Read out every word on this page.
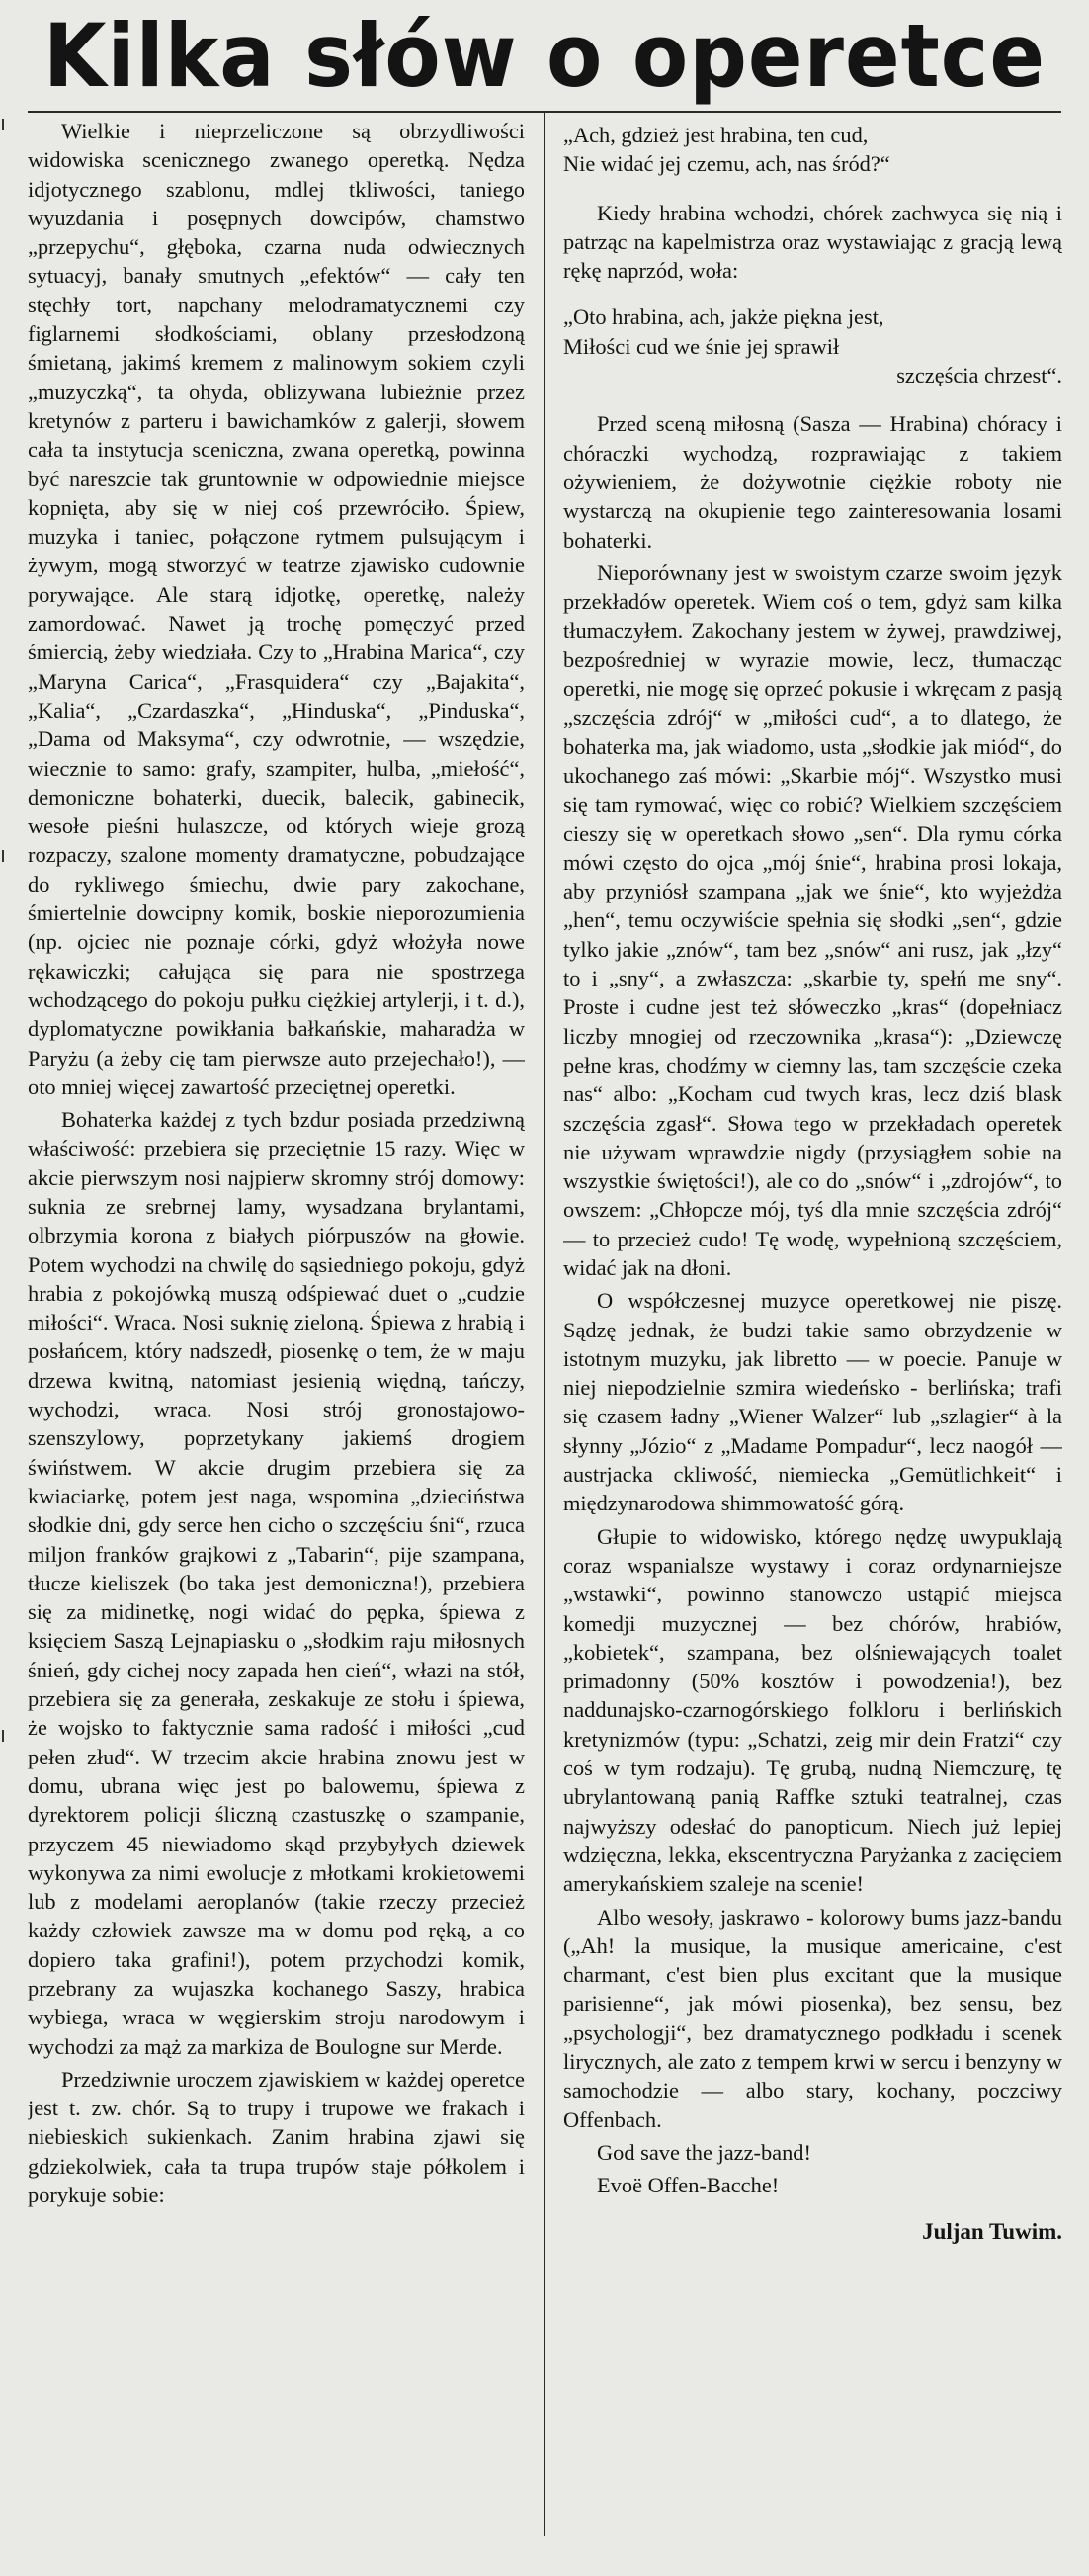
Kilka słów o operetce

Wielkie i nieprzeliczone są obrzydliwości widowiska scenicznego zwanego operetką. Nędza idjotycznego szablonu, mdlej tkliwości, taniego wyuzdania i posępnych dowcipów, chamstwo „przepychu“, głęboka, czarna nuda odwiecznych sytuacyj, banały smutnych „efektów“ — cały ten stęchły tort, napchany melodramatycznemi czy figlarnemi słodkościami, oblany przesłodzoną śmietaną, jakimś kremem z malinowym sokiem czyli „muzyczką“, ta ohyda, oblizywana lubieżnie przez kretynów z parteru i bawichamków z galerji, słowem cała ta instytucja sceniczna, zwana operetką, powinna być nareszcie tak gruntownie w odpowiednie miejsce kopnięta, aby się w niej coś przewróciło. Śpiew, muzyka i taniec, połączone rytmem pulsującym i żywym, mogą stworzyć w teatrze zjawisko cudownie porywające. Ale starą idjotkę, operetkę, należy zamordować. Nawet ją trochę pomęczyć przed śmiercią, żeby wiedziała. Czy to „Hrabina Marica“, czy „Maryna Carica“, „Frasquidera“ czy „Bajakita“, „Kalia“, „Czardaszka“, „Hinduska“, „Pinduska“, „Dama od Maksyma“, czy odwrotnie, — wszędzie, wiecznie to samo: grafy, szampiter, hulba, „miełość“, demoniczne bohaterki, duecik, balecik, gabinecik, wesołe pieśni hulaszcze, od których wieje grozą rozpaczy, szalone momenty dramatyczne, pobudzające do rykliwego śmiechu, dwie pary zakochane, śmiertelnie dowcipny komik, boskie nieporozumienia (np. ojciec nie poznaje córki, gdyż włożyła nowe rękawiczki; całująca się para nie spostrzega wchodzącego do pokoju pułku ciężkiej artylerji, i t. d.), dyplomatyczne powikłania bałkańskie, maharadża w Paryżu (a żeby cię tam pierwsze auto przejechało!), — oto mniej więcej zawartość przeciętnej operetki.

Bohaterka każdej z tych bzdur posiada przedziwną właściwość: przebiera się przeciętnie 15 razy. Więc w akcie pierwszym nosi najpierw skromny strój domowy: suknia ze srebrnej lamy, wysadzana brylantami, olbrzymia korona z białych piórpuszów na głowie. Potem wychodzi na chwilę do sąsiedniego pokoju, gdyż hrabia z pokojówką muszą odśpiewać duet o „cudzie miłości“. Wraca. Nosi suknię zieloną. Śpiewa z hrabią i posłańcem, który nadszedł, piosenkę o tem, że w maju drzewa kwitną, natomiast jesienią więdną, tańczy, wychodzi, wraca. Nosi strój gronostajowo-szenszylowy, poprzetykany jakiemś drogiem świństwem. W akcie drugim przebiera się za kwiaciarkę, potem jest naga, wspomina „dzieciństwa słodkie dni, gdy serce hen cicho o szczęściu śni“, rzuca miljon franków grajkowi z „Tabarin“, pije szampana, tłucze kieliszek (bo taka jest demoniczna!), przebiera się za midinetkę, nogi widać do pępka, śpiewa z księciem Saszą Lejnapiasku o „słodkim raju miłosnych śnień, gdy cichej nocy zapada hen cień“, włazi na stół, przebiera się za generała, zeskakuje ze stołu i śpiewa, że wojsko to faktycznie sama radość i miłości „cud pełen złud“. W trzecim akcie hrabina znowu jest w domu, ubrana więc jest po balowemu, śpiewa z dyrektorem policji śliczną czastuszkę o szampanie, przyczem 45 niewiadomo skąd przybyłych dziewek wykonywa za nimi ewolucje z młotkami krokietowemi lub z modelami aeroplanów (takie rzeczy przecież każdy człowiek zawsze ma w domu pod ręką, a co dopiero taka grafini!), potem przychodzi komik, przebrany za wujaszka kochanego Saszy, hrabica wybiega, wraca w węgierskim stroju narodowym i wychodzi za mąż za markiza de Boulogne sur Merde.

Przedziwnie uroczem zjawiskiem w każdej operetce jest t. zw. chór. Są to trupy i trupowe we frakach i niebieskich sukienkach. Zanim hrabina zjawi się gdziekolwiek, cała ta trupa trupów staje półkolem i porykuje sobie:

„Ach, gdzież jest hrabina, ten cud,
Nie widać jej czemu, ach, nas śród?“

Kiedy hrabina wchodzi, chórek zachwyca się nią i patrząc na kapelmistrza oraz wystawiając z gracją lewą rękę naprzód, woła:

„Oto hrabina, ach, jakże piękna jest,
Miłości cud we śnie jej sprawił
szczęścia chrzest“.

Przed sceną miłosną (Sasza — Hrabina) chóracy i chóraczki wychodzą, rozprawiając z takiem ożywieniem, że dożywotnie ciężkie roboty nie wystarczą na okupienie tego zainteresowania losami bohaterki.

Nieporównany jest w swoistym czarze swoim język przekładów operetek. Wiem coś o tem, gdyż sam kilka tłumaczyłem. Zakochany jestem w żywej, prawdziwej, bezpośredniej w wyrazie mowie, lecz, tłumacząc operetki, nie mogę się oprzeć pokusie i wkręcam z pasją „szczęścia zdrój“ w „miłości cud“, a to dlatego, że bohaterka ma, jak wiadomo, usta „słodkie jak miód“, do ukochanego zaś mówi: „Skarbie mój“. Wszystko musi się tam rymować, więc co robić? Wielkiem szczęściem cieszy się w operetkach słowo „sen“. Dla rymu córka mówi często do ojca „mój śnie“, hrabina prosi lokaja, aby przyniósł szampana „jak we śnie“, kto wyjeżdża „hen“, temu oczywiście spełnia się słodki „sen“, gdzie tylko jakie „znów“, tam bez „snów“ ani rusz, jak „łzy“ to i „sny“, a zwłaszcza: „skarbie ty, spełń me sny“. Proste i cudne jest też słóweczko „kras“ (dopełniacz liczby mnogiej od rzeczownika „krasa“): „Dziewczę pełne kras, chodźmy w ciemny las, tam szczęście czeka nas“ albo: „Kocham cud twych kras, lecz dziś blask szczęścia zgasł“. Słowa tego w przekładach operetek nie używam wprawdzie nigdy (przysiągłem sobie na wszystkie świętości!), ale co do „snów“ i „zdrojów“, to owszem: „Chłopcze mój, tyś dla mnie szczęścia zdrój“ — to przecież cudo! Tę wodę, wypełnioną szczęściem, widać jak na dłoni.

O współczesnej muzyce operetkowej nie piszę. Sądzę jednak, że budzi takie samo obrzydzenie w istotnym muzyku, jak libretto — w poecie. Panuje w niej niepodzielnie szmira wiedeńsko - berlińska; trafi się czasem ładny „Wiener Walzer“ lub „szlagier“ à la słynny „Józio“ z „Madame Pompadur“, lecz naogół — austrjacka ckliwość, niemiecka „Gemütlichkeit“ i międzynarodowa shimmowatość górą.

Głupie to widowisko, którego nędzę uwypuklają coraz wspanialsze wystawy i coraz ordynarniejsze „wstawki“, powinno stanowczo ustąpić miejsca komedji muzycznej — bez chórów, hrabiów, „kobietek“, szampana, bez olśniewających toalet primadonny (50% kosztów i powodzenia!), bez naddunajsko-czarnogórskiego folkloru i berlińskich kretynizmów (typu: „Schatzi, zeig mir dein Fratzi“ czy coś w tym rodzaju). Tę grubą, nudną Niemczurę, tę ubrylantowaną panią Raffke sztuki teatralnej, czas najwyższy odesłać do panopticum. Niech już lepiej wdzięczna, lekka, ekscentryczna Paryżanka z zacięciem amerykańskiem szaleje na scenie!

Albo wesoły, jaskrawo - kolorowy bums jazz-bandu („Ah! la musique, la musique americaine, c'est charmant, c'est bien plus excitant que la musique parisienne“, jak mówi piosenka), bez sensu, bez „psychologji“, bez dramatycznego podkładu i scenek lirycznych, ale zato z tempem krwi w sercu i benzyny w samochodzie — albo stary, kochany, poczciwy Offenbach.

God save the jazz-band!

Evoë Offen-Bacche!

Juljan Tuwim.
